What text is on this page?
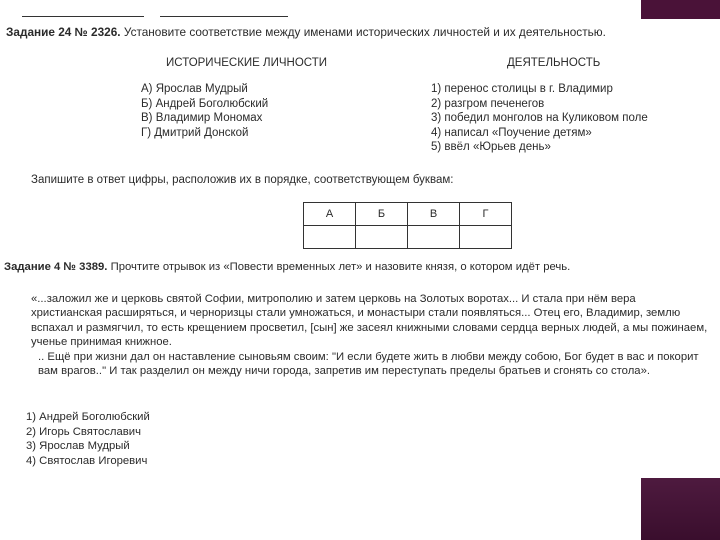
Задание 24 № 2326. Установите соответствие между именами исторических личностей и их деятельностью.
ИСТОРИЧЕСКИЕ ЛИЧНОСТИ	ДЕЯТЕЛЬНОСТЬ
А) Ярослав Мудрый
Б) Андрей Боголюбский
В) Владимир Мономах
Г) Дмитрий Донской
1) перенос столицы в г. Владимир
2) разгром печенегов
3) победил монголов на Куликовом поле
4) написал «Поучение детям»
5) ввёл «Юрьев день»
Запишите в ответ цифры, расположив их в порядке, соответствующем буквам:
А	Б	В	Г

Задание 4 № 3389. Прочтите отрывок из «Повести временных лет» и назовите князя, о котором идёт речь.

«...заложил же и церковь святой Софии, митрополию и затем церковь на Золотых воротах... И стала при нём вера христианская расширяться, и черноризцы стали умножаться, и монастыри стали появляться... Отец его, Владимир, землю вспахал и размягчил, то есть крещением просветил, [сын] же засеял книжными словами сердца верных людей, а мы пожинаем, ученье принимая книжное.

.. Ещё при жизни дал он наставление сыновьям своим: "И если будете жить в любви между собою, Бог будет в вас и покорит вам врагов.." И так разделил он между ничи города, запретив им переступать пределы братьев и сгонять со стола».

1) Андрей Боголюбский
2) Игорь Святославич
3) Ярослав Мудрый
4) Святослав Игоревич
